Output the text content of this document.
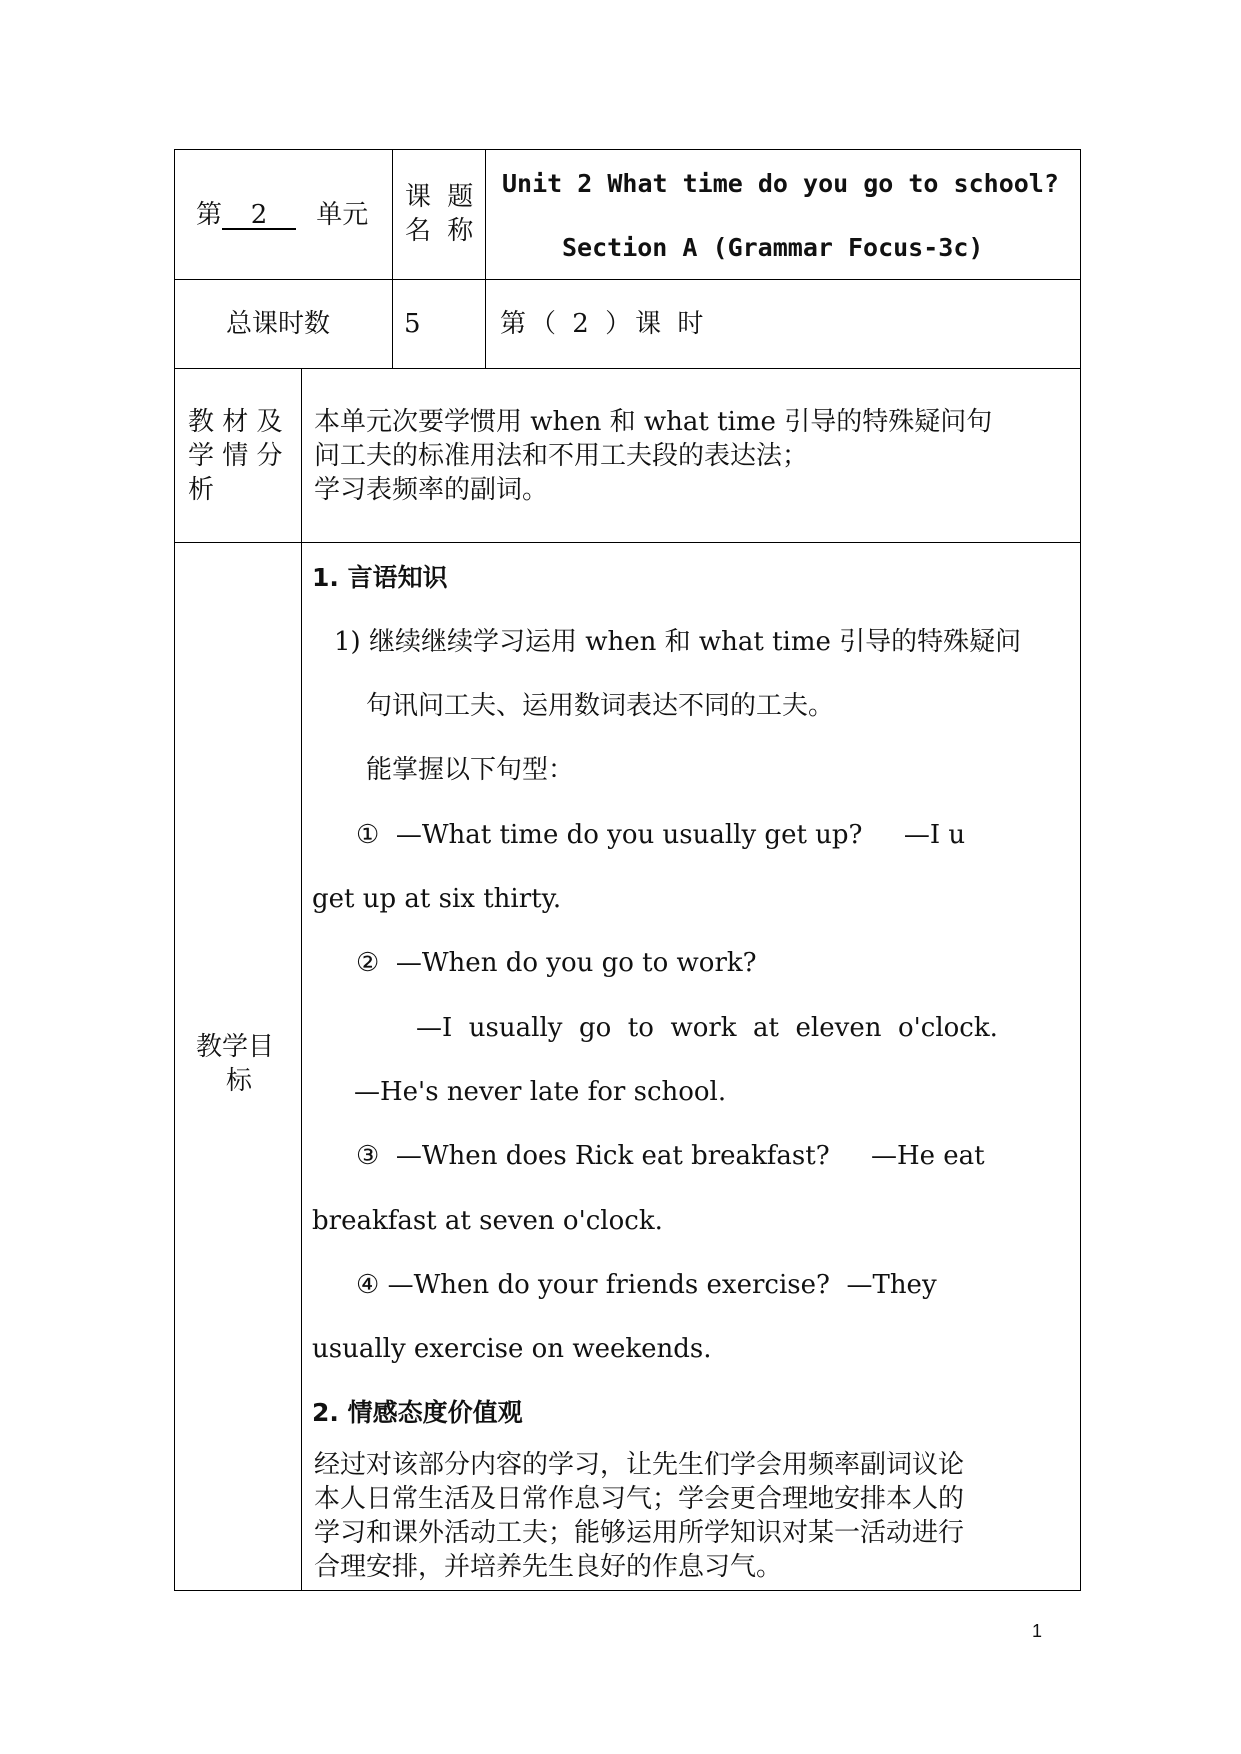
第 2 单元
课 题
名 称
Unit 2 What time do you go to school?
Section A (Grammar Focus-3c)
总课时数	5	第（ 2 ）课 时
教 材 及
学 情 分
析
本单元次要学惯用 when 和 what time 引导的特殊疑问句
问工夫的标准用法和不用工夫段的表达法；
学习表频率的副词。
教学目
标
1. 言语知识
1) 继续继续学习运用 when 和 what time 引导的特殊疑问
句讯问工夫、运用数词表达不同的工夫。
能掌握以下句型：
①  —What time do you usually get up?     —I u
get up at six thirty.
②  —When do you go to work?
—I  usually  go  to  work  at  eleven  o'clock.
—He's never late for school.
③  —When does Rick eat breakfast?     —He eat
breakfast at seven o'clock.
④ —When do your friends exercise?  —They
usually exercise on weekends.
2. 情感态度价值观
经过对该部分内容的学习，让先生们学会用频率副词议论
本人日常生活及日常作息习气；学会更合理地安排本人的
学习和课外活动工夫；能够运用所学知识对某一活动进行
合理安排，并培养先生良好的作息习气。
1
